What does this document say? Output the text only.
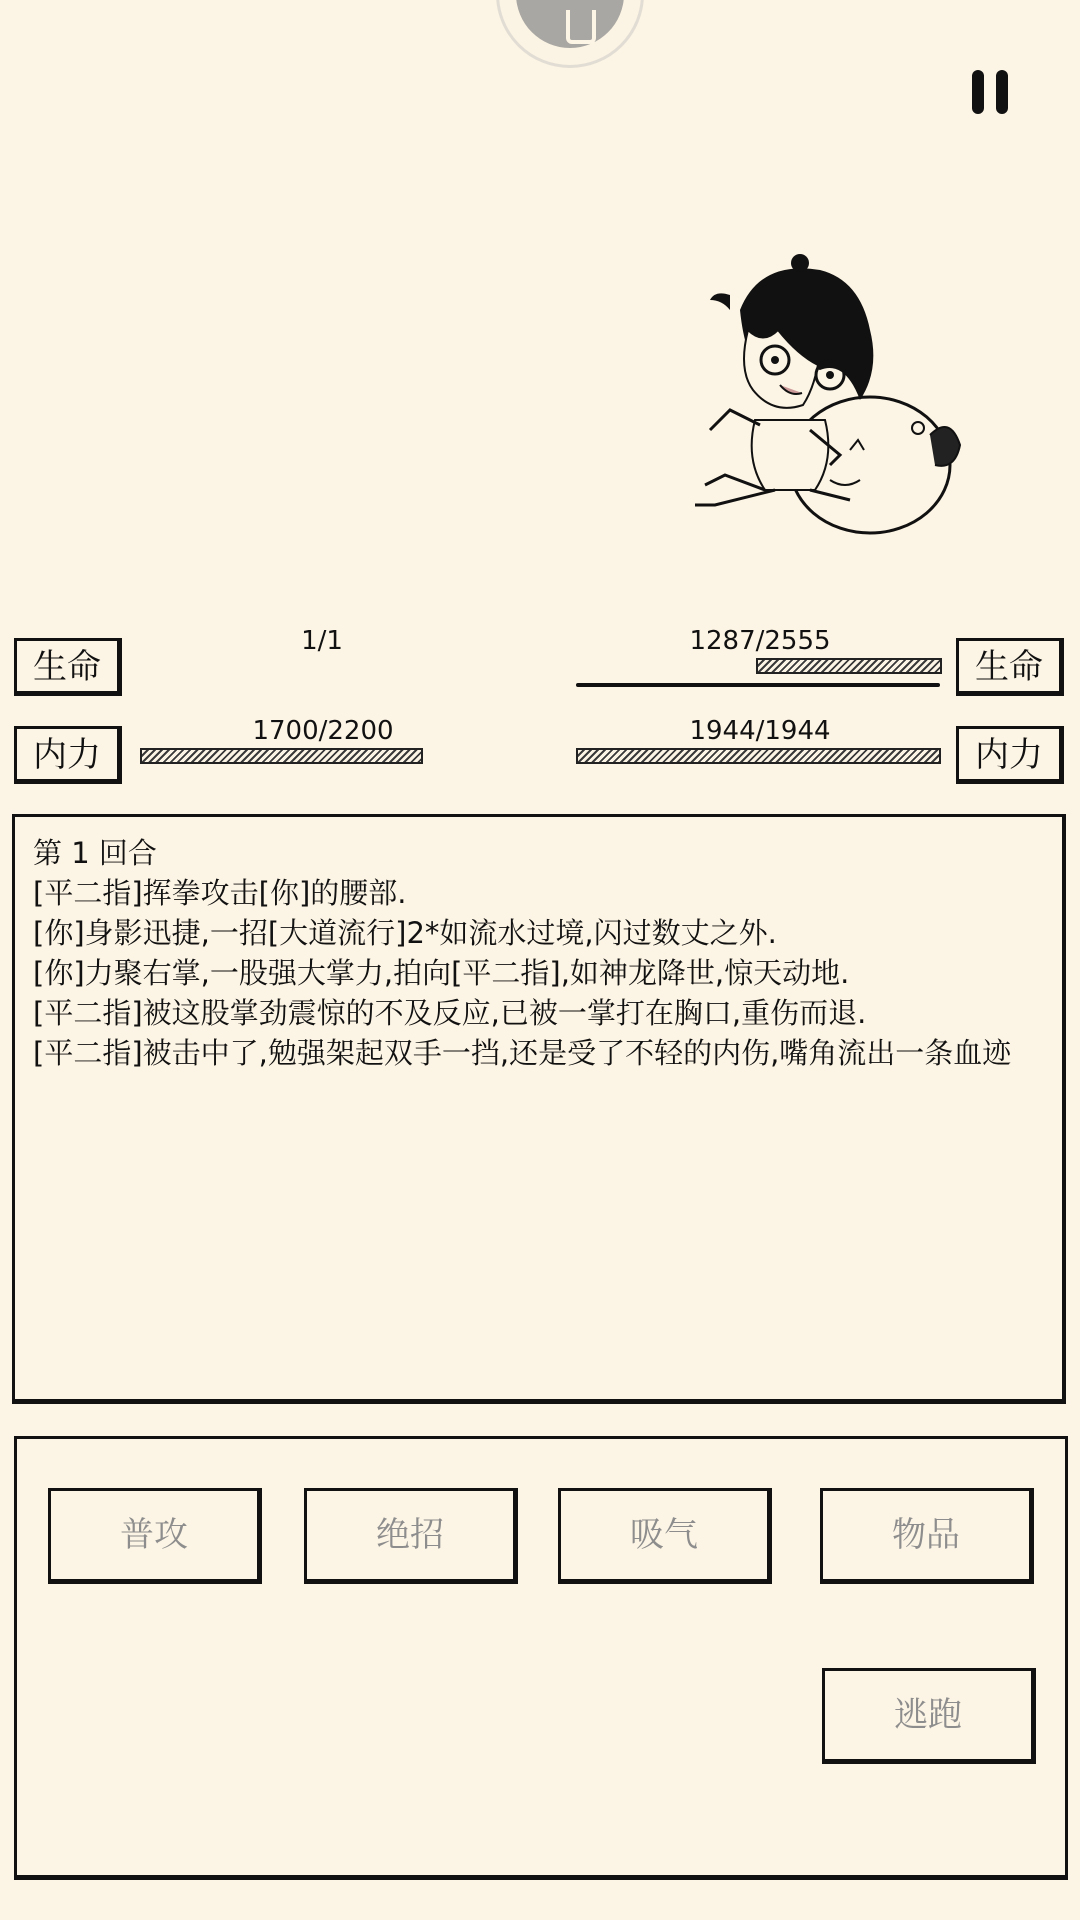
生命
1/1	1287/2555
生命
内力
1700/2200	1944/1944
内力

第 1 回合

[平二指]挥拳攻击[你]的腰部.

[你]身影迅捷,一招[大道流行]2*如流水过境,闪过数丈之外.

[你]力聚右掌,一股强大掌力,拍向[平二指],如神龙降世,惊天动地.

[平二指]被这股掌劲震惊的不及反应,已被一掌打在胸口,重伤而退.

[平二指]被击中了,勉强架起双手一挡,还是受了不轻的内伤,嘴角流出一条血迹

普攻	绝招	吸气	物品
逃跑
